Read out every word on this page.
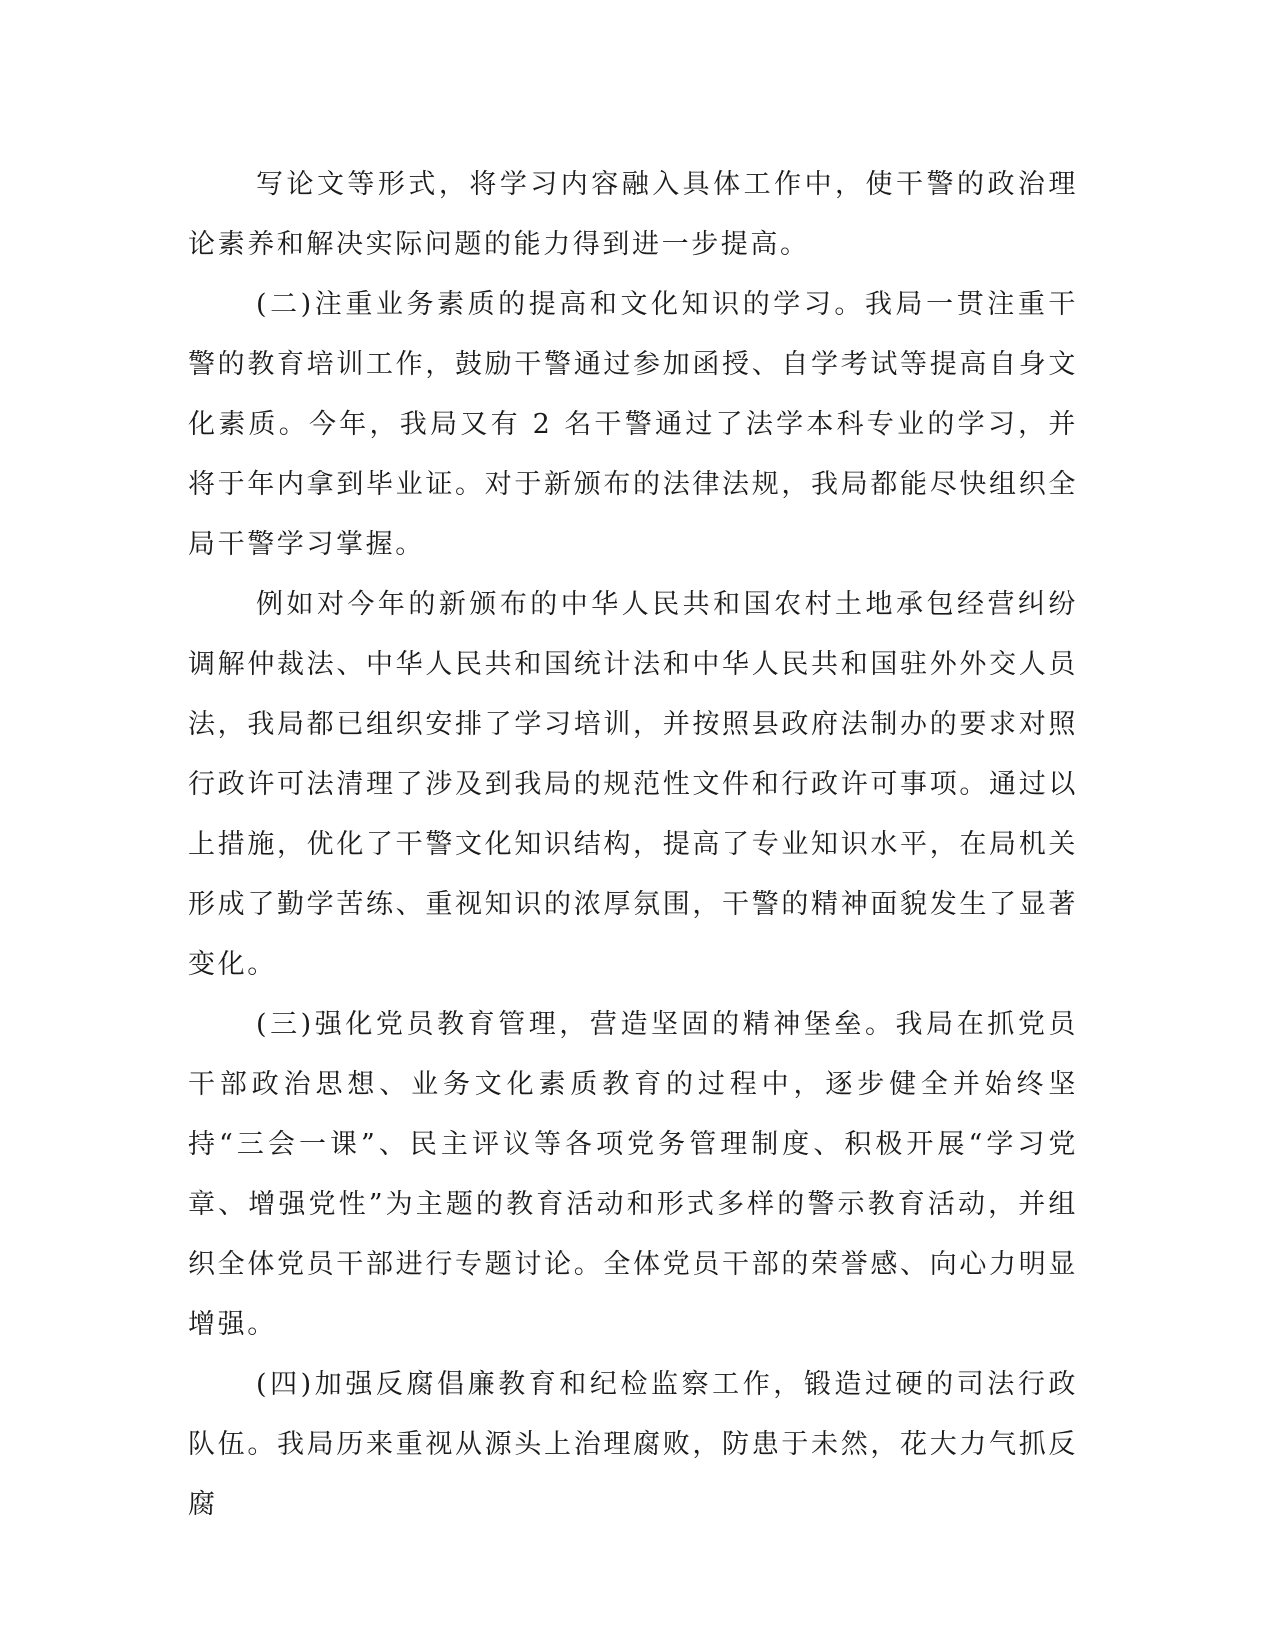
写论文等形式，将学习内容融入具体工作中，使干警的政治理论素养和解决实际问题的能力得到进一步提高。

(二)注重业务素质的提高和文化知识的学习。我局一贯注重干警的教育培训工作，鼓励干警通过参加函授、自学考试等提高自身文化素质。今年，我局又有 2 名干警通过了法学本科专业的学习，并将于年内拿到毕业证。对于新颁布的法律法规，我局都能尽快组织全局干警学习掌握。

例如对今年的新颁布的中华人民共和国农村土地承包经营纠纷调解仲裁法、中华人民共和国统计法和中华人民共和国驻外外交人员法，我局都已组织安排了学习培训，并按照县政府法制办的要求对照行政许可法清理了涉及到我局的规范性文件和行政许可事项。通过以上措施，优化了干警文化知识结构，提高了专业知识水平，在局机关形成了勤学苦练、重视知识的浓厚氛围，干警的精神面貌发生了显著变化。

(三)强化党员教育管理，营造坚固的精神堡垒。我局在抓党员干部政治思想、业务文化素质教育的过程中，逐步健全并始终坚持“三会一课”、民主评议等各项党务管理制度、积极开展“学习党章、增强党性”为主题的教育活动和形式多样的警示教育活动，并组织全体党员干部进行专题讨论。全体党员干部的荣誉感、向心力明显增强。

(四)加强反腐倡廉教育和纪检监察工作，锻造过硬的司法行政队伍。我局历来重视从源头上治理腐败，防患于未然，花大力气抓反腐
